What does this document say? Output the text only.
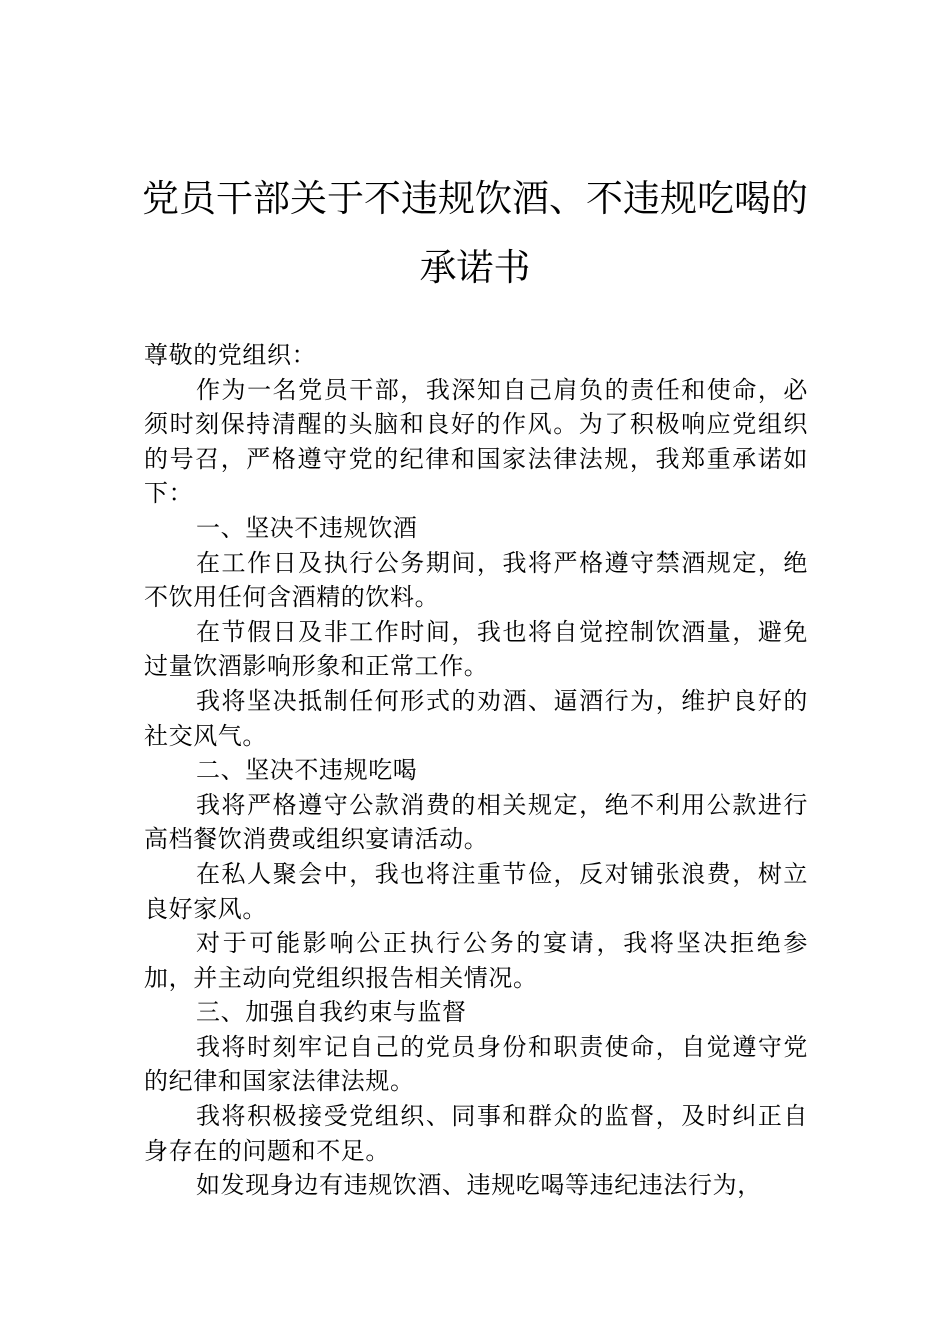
党员干部关于不违规饮酒、不违规吃喝的
承诺书

尊敬的党组织：

作为一名党员干部，我深知自己肩负的责任和使命，必须时刻保持清醒的头脑和良好的作风。为了积极响应党组织的号召，严格遵守党的纪律和国家法律法规，我郑重承诺如下：

一、坚决不违规饮酒

在工作日及执行公务期间，我将严格遵守禁酒规定，绝不饮用任何含酒精的饮料。

在节假日及非工作时间，我也将自觉控制饮酒量，避免过量饮酒影响形象和正常工作。

我将坚决抵制任何形式的劝酒、逼酒行为，维护良好的社交风气。

二、坚决不违规吃喝

我将严格遵守公款消费的相关规定，绝不利用公款进行高档餐饮消费或组织宴请活动。

在私人聚会中，我也将注重节俭，反对铺张浪费，树立良好家风。

对于可能影响公正执行公务的宴请，我将坚决拒绝参加，并主动向党组织报告相关情况。

三、加强自我约束与监督

我将时刻牢记自己的党员身份和职责使命，自觉遵守党的纪律和国家法律法规。

我将积极接受党组织、同事和群众的监督，及时纠正自身存在的问题和不足。

如发现身边有违规饮酒、违规吃喝等违纪违法行为，
